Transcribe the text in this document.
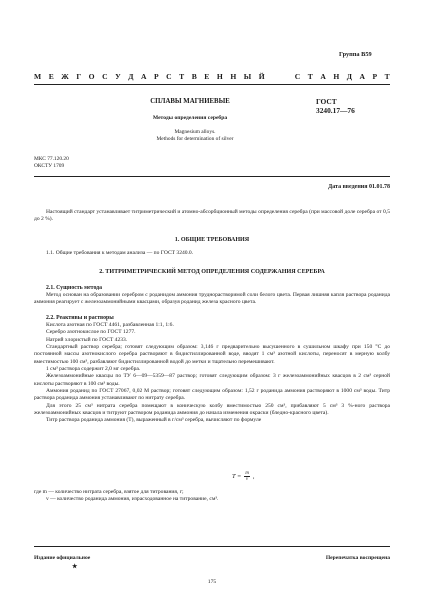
Группа В59
М Е Ж Г О С У Д А Р С Т В Е Н Н Ы Й	С Т А Н Д А Р Т
СПЛАВЫ МАГНИЕВЫЕ
Методы определения серебра
ГОСТ
3240.17—76
Magnesium alloys.
Methods for determination of silver
МКС 77.120.20
ОКСТУ 1709
Дата введения 01.01.78

Настоящий стандарт устанавливает титриметрический и атомно-абсорбционный методы определения серебра (при массовой доле серебра от 0,5 до 2 %).

1. ОБЩИЕ ТРЕБОВАНИЯ

1.1. Общие требования к методам анализа — по ГОСТ 3240.0.

2. ТИТРИМЕТРИЧЕСКИЙ МЕТОД ОПРЕДЕЛЕНИЯ СОДЕРЖАНИЯ СЕРЕБРА
2.1. Сущность метода

Метод основан на образовании серебром с роданидом аммония труднорастворимой соли белого цвета. Первая лишняя капля раствора роданида аммония реагирует с железоаммонийными квасцами, образуя роданид железа красного цвета.

2.2. Реактивы и растворы

Кислота азотная по ГОСТ 4461, разбавленная 1:1, 1:6.

Серебро азотнокислое по ГОСТ 1277.

Натрий хлористый по ГОСТ 4233.

Стандартный раствор серебра; готовят следующим образом: 3,146 г предварительно высушенного в сушильном шкафу при 150 °С до постоянной массы азотнокислого серебра растворяют в бидистиллированной воде, вводят 1 см³ азотной кислоты, переносят в мерную колбу вместимостью 100 см³, разбавляют бидистиллированной водой до метки и тщательно перемешивают.

1 см³ раствора содержит 2,0 мг серебра.

Железоаммонийные квасцы по ТУ 6—09—5359—87 раствор; готовят следующим образом: 3 г железоаммонийных квасцов в 2 см³ серной кислоты растворяют в 100 см³ воды.

Аммония роданид по ГОСТ 27067, 0,02 М раствор; готовят следующим образом: 1,52 г роданида аммония растворяют в 1000 см³ воды. Титр раствора роданида аммония устанавливают по нитрату серебра.

Для этого 25 см³ нитрата серебра помещают в коническую колбу вместимостью 250 см³, прибавляют 5 см³ 3 %-ного раствора железоаммонийных квасцов и титруют раствором роданида аммония до начала изменения окраски (бледно-красного цвета).

Титр раствора роданида аммония (T), выраженный в г/см³ серебра, вычисляют по формуле

$T = \frac{m}{v}$ ,
где m — количество нитрата серебра, взятое для титрования, г;
v — количество роданида аммония, израсходованное на титрование, см³.
Издание официальное	Перепечатка воспрещена
★
175
